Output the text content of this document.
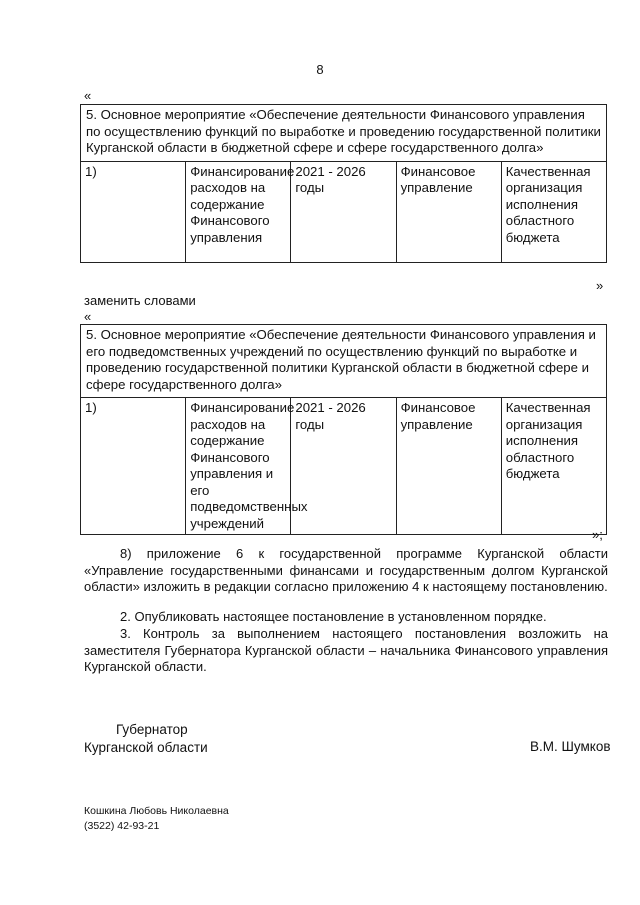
8
«
5. Основное мероприятие «Обеспечение деятельности Финансового управления по осуществлению функций по выработке и проведению государственной политики Курганской области в бюджетной сфере и сфере государственного долга»
1)	Финансирование расходов на содержание Финансового управления	2021 - 2026 годы	Финансовое управление	Качественная организация исполнения областного бюджета
»
заменить словами
«
5. Основное мероприятие «Обеспечение деятельности Финансового управления и его подведомственных учреждений по осуществлению функций по выработке и проведению государственной политики Курганской области в бюджетной сфере и сфере государственного долга»
1)	Финансирование расходов на содержание Финансового управления и его подведомственных учреждений	2021 - 2026 годы	Финансовое управление	Качественная организация исполнения областного бюджета
»;
8) приложение 6 к государственной программе Курганской области «Управление государственными финансами и государственным долгом Курганской области» изложить в редакции согласно приложению 4 к настоящему постановлению.
2. Опубликовать настоящее постановление в установленном порядке.
3. Контроль за выполнением настоящего постановления возложить на заместителя Губернатора Курганской области – начальника Финансового управления Курганской области.
Губернатор
Курганской области	В.М. Шумков
Кошкина Любовь Николаевна
(3522) 42-93-21
